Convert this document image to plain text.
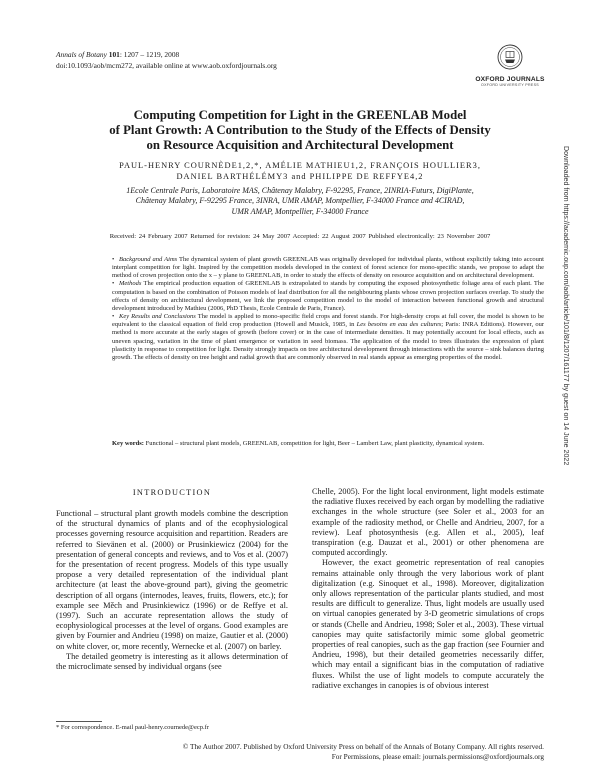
Annals of Botany 101: 1207 – 1219, 2008
doi:10.1093/aob/mcm272, available online at www.aob.oxfordjournals.org
OXFORD JOURNALS
OXFORD UNIVERSITY PRESS
Computing Competition for Light in the GREENLAB Model
of Plant Growth: A Contribution to the Study of the Effects of Density
on Resource Acquisition and Architectural Development
PAUL-HENRY COURNÈDE1,2,*, AMÉLIE MATHIEU1,2, FRANÇOIS HOULLIER3,
DANIEL BARTHÉLÉMY3 and PHILIPPE DE REFFYE4,2
1Ecole Centrale Paris, Laboratoire MAS, Châtenay Malabry, F-92295, France, 2INRIA-Futurs, DigiPlante,
Châtenay Malabry, F-92295 France, 3INRA, UMR AMAP, Montpellier, F-34000 France and 4CIRAD,
UMR AMAP, Montpellier, F-34000 France
Received: 24 February 2007 Returned for revision: 24 May 2007 Accepted: 22 August 2007 Published electronically: 23 November 2007

• Background and Aims The dynamical system of plant growth GREENLAB was originally developed for individual plants, without explicitly taking into account interplant competition for light. Inspired by the competition models developed in the context of forest science for mono-specific stands, we propose to adapt the method of crown projection onto the x – y plane to GREENLAB, in order to study the effects of density on resource acquisition and on architectural development.

• Methods The empirical production equation of GREENLAB is extrapolated to stands by computing the exposed photosynthetic foliage area of each plant. The computation is based on the combination of Poisson models of leaf distribution for all the neighbouring plants whose crown projection surfaces overlap. To study the effects of density on architectural development, we link the proposed competition model to the model of interaction between functional growth and structural development introduced by Mathieu (2006, PhD Thesis, Ecole Centrale de Paris, France).

• Key Results and Conclusions The model is applied to mono-specific field crops and forest stands. For high-density crops at full cover, the model is shown to be equivalent to the classical equation of field crop production (Howell and Musick, 1985, in Les besoins en eau des cultures; Paris: INRA Editions). However, our method is more accurate at the early stages of growth (before cover) or in the case of intermediate densities. It may potentially account for local effects, such as uneven spacing, variation in the time of plant emergence or variation in seed biomass. The application of the model to trees illustrates the expression of plant plasticity in response to competition for light. Density strongly impacts on tree architectural development through interactions with the source – sink balances during growth. The effects of density on tree height and radial growth that are commonly observed in real stands appear as emerging properties of the model.

Key words: Functional – structural plant models, GREENLAB, competition for light, Beer – Lambert Law, plant plasticity, dynamical system.
INTRODUCTION

Functional – structural plant growth models combine the description of the structural dynamics of plants and of the ecophysiological processes governing resource acquisition and repartition. Readers are referred to Sievänen et al. (2000) or Prusinkiewicz (2004) for the presentation of general concepts and reviews, and to Vos et al. (2007) for the presentation of recent progress. Models of this type usually propose a very detailed representation of the individual plant architecture (at least the above-ground part), giving the geometric description of all organs (internodes, leaves, fruits, flowers, etc.); for example see Měch and Prusinkiewicz (1996) or de Reffye et al. (1997). Such an accurate representation allows the study of ecophysiological processes at the level of organs. Good examples are given by Fournier and Andrieu (1998) on maize, Gautier et al. (2000) on white clover, or, more recently, Wernecke et al. (2007) on barley.

The detailed geometry is interesting as it allows determination of the microclimate sensed by individual organs (see

Chelle, 2005). For the light local environment, light models estimate the radiative fluxes received by each organ by modelling the radiative exchanges in the whole structure (see Soler et al., 2003 for an example of the radiosity method, or Chelle and Andrieu, 2007, for a review). Leaf photosynthesis (e.g. Allen et al., 2005), leaf transpiration (e.g. Dauzat et al., 2001) or other phenomena are computed accordingly.

However, the exact geometric representation of real canopies remains attainable only through the very laborious work of plant digitalization (e.g. Sinoquet et al., 1998). Moreover, digitalization only allows representation of the particular plants studied, and most results are difficult to generalize. Thus, light models are usually used on virtual canopies generated by 3-D geometric simulations of crops or stands (Chelle and Andrieu, 1998; Soler et al., 2003). These virtual canopies may quite satisfactorily mimic some global geometric properties of real canopies, such as the gap fraction (see Fournier and Andrieu, 1998), but their detailed geometries necessarily differ, which may entail a significant bias in the computation of radiative fluxes. Whilst the use of light models to compute accurately the radiative exchanges in canopies is of obvious interest

* For correspondence. E-mail paul-henry.cournede@ecp.fr
© The Author 2007. Published by Oxford University Press on behalf of the Annals of Botany Company. All rights reserved.
For Permissions, please email: journals.permissions@oxfordjournals.org
Downloaded from https://academic.oup.com/aob/article/101/8/1207/161177 by guest on 14 June 2022
